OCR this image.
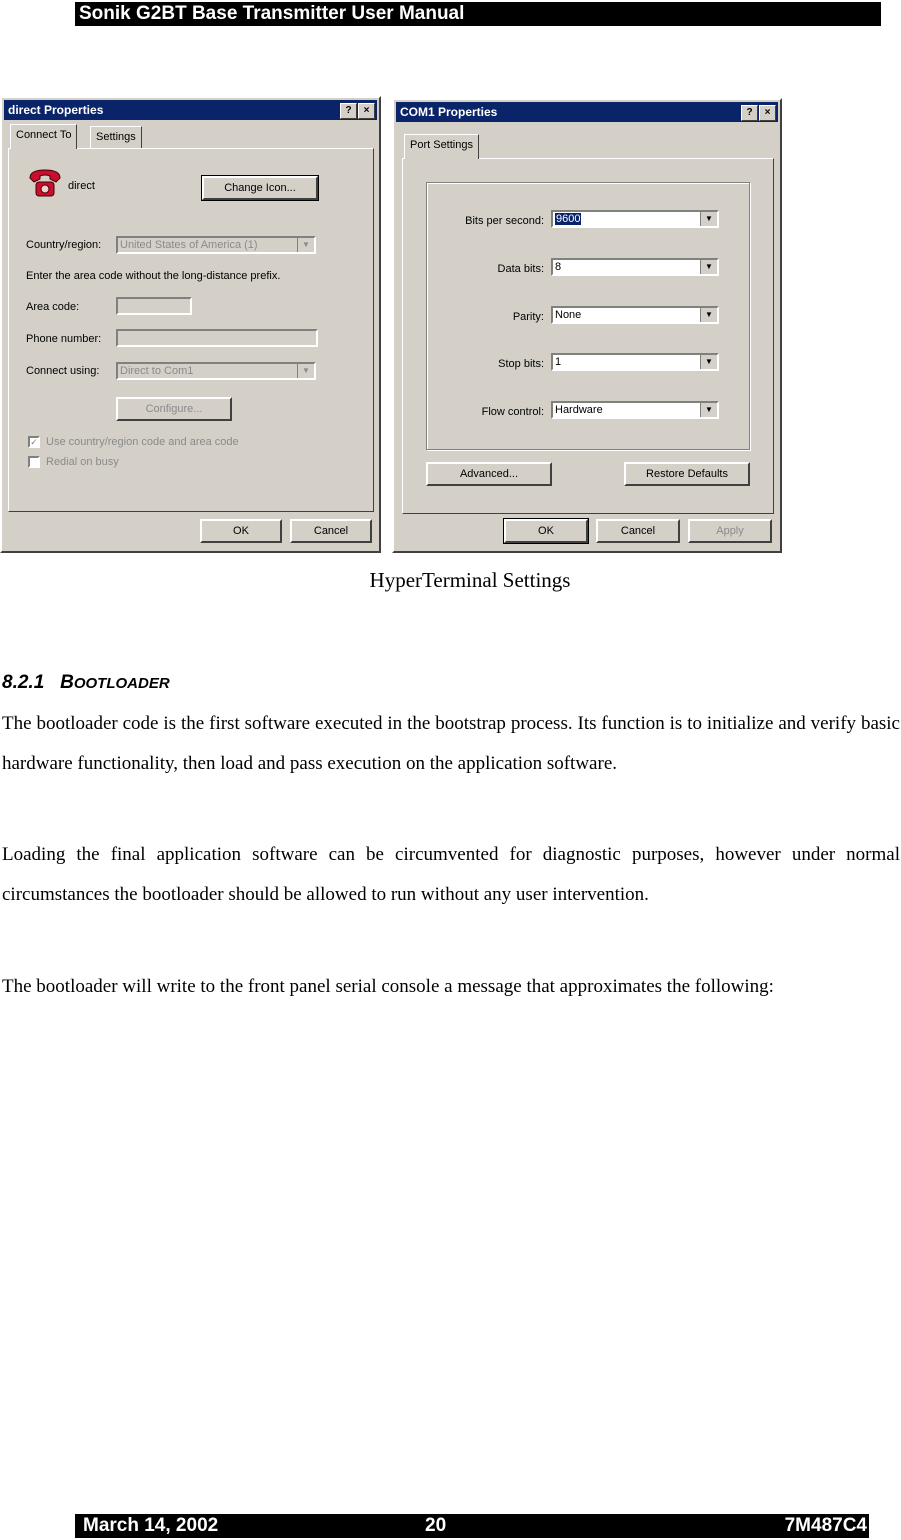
Sonik G2BT Base Transmitter User Manual
direct Properties	?	×
Connect To	Settings
direct	Change Icon...
Country/region:	United States of America (1)	▼
Enter the area code without the long-distance prefix.
Area code:
Phone number:
Connect using:	Direct to Com1	▼
Configure...
✓ Use country/region code and area code
Redial on busy
OK	Cancel
COM1 Properties	?	×
Port Settings
Bits per second:	9600	▼
Data bits:	8	▼
Parity:	None	▼
Stop bits:	1	▼
Flow control:	Hardware	▼
Advanced...	Restore Defaults
OK	Cancel	Apply
HyperTerminal Settings
8.2.1 BOOTLOADER

The bootloader code is the first software executed in the bootstrap process. Its function is to initialize and verify basic hardware functionality, then load and pass execution on the application software.

Loading the final application software can be circumvented for diagnostic purposes, however under normal circumstances the bootloader should be allowed to run without any user intervention.

The bootloader will write to the front panel serial console a message that approximates the following:

March 14, 2002	20	7M487C4
